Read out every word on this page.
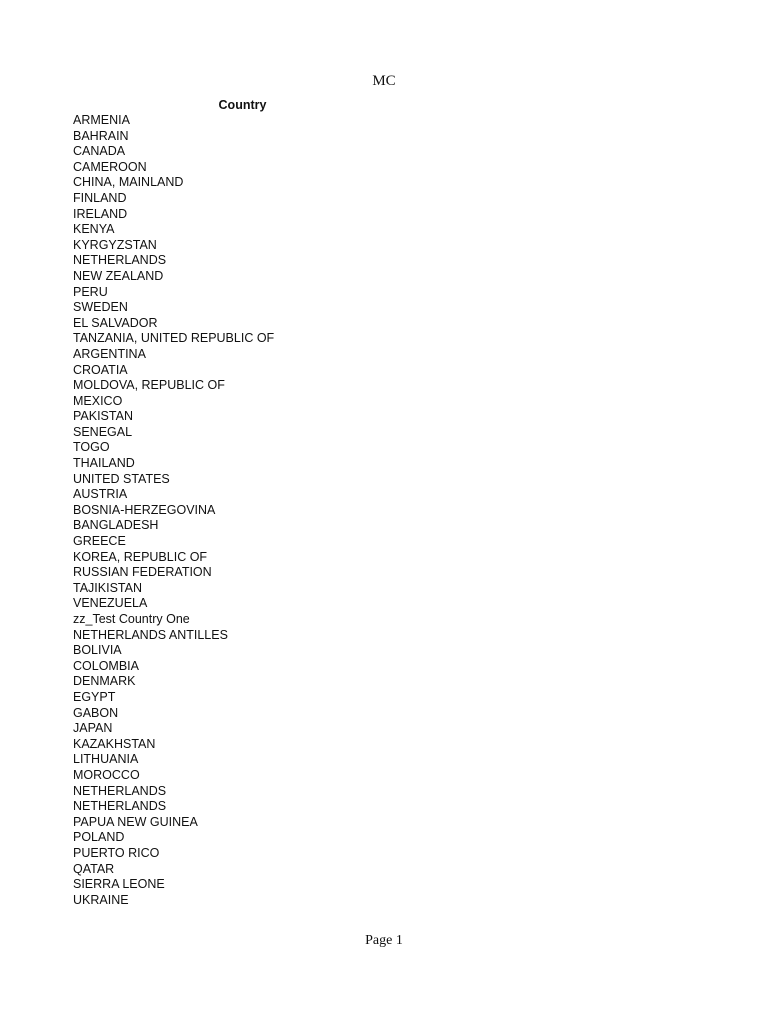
MC
Country
ARMENIA
BAHRAIN
CANADA
CAMEROON
CHINA, MAINLAND
FINLAND
IRELAND
KENYA
KYRGYZSTAN
NETHERLANDS
NEW ZEALAND
PERU
SWEDEN
EL SALVADOR
TANZANIA, UNITED REPUBLIC OF
ARGENTINA
CROATIA
MOLDOVA, REPUBLIC OF
MEXICO
PAKISTAN
SENEGAL
TOGO
THAILAND
UNITED STATES
AUSTRIA
BOSNIA-HERZEGOVINA
BANGLADESH
GREECE
KOREA, REPUBLIC OF
RUSSIAN FEDERATION
TAJIKISTAN
VENEZUELA
zz_Test Country One
NETHERLANDS ANTILLES
BOLIVIA
COLOMBIA
DENMARK
EGYPT
GABON
JAPAN
KAZAKHSTAN
LITHUANIA
MOROCCO
NETHERLANDS
NETHERLANDS
PAPUA NEW GUINEA
POLAND
PUERTO RICO
QATAR
SIERRA LEONE
UKRAINE
Page 1
